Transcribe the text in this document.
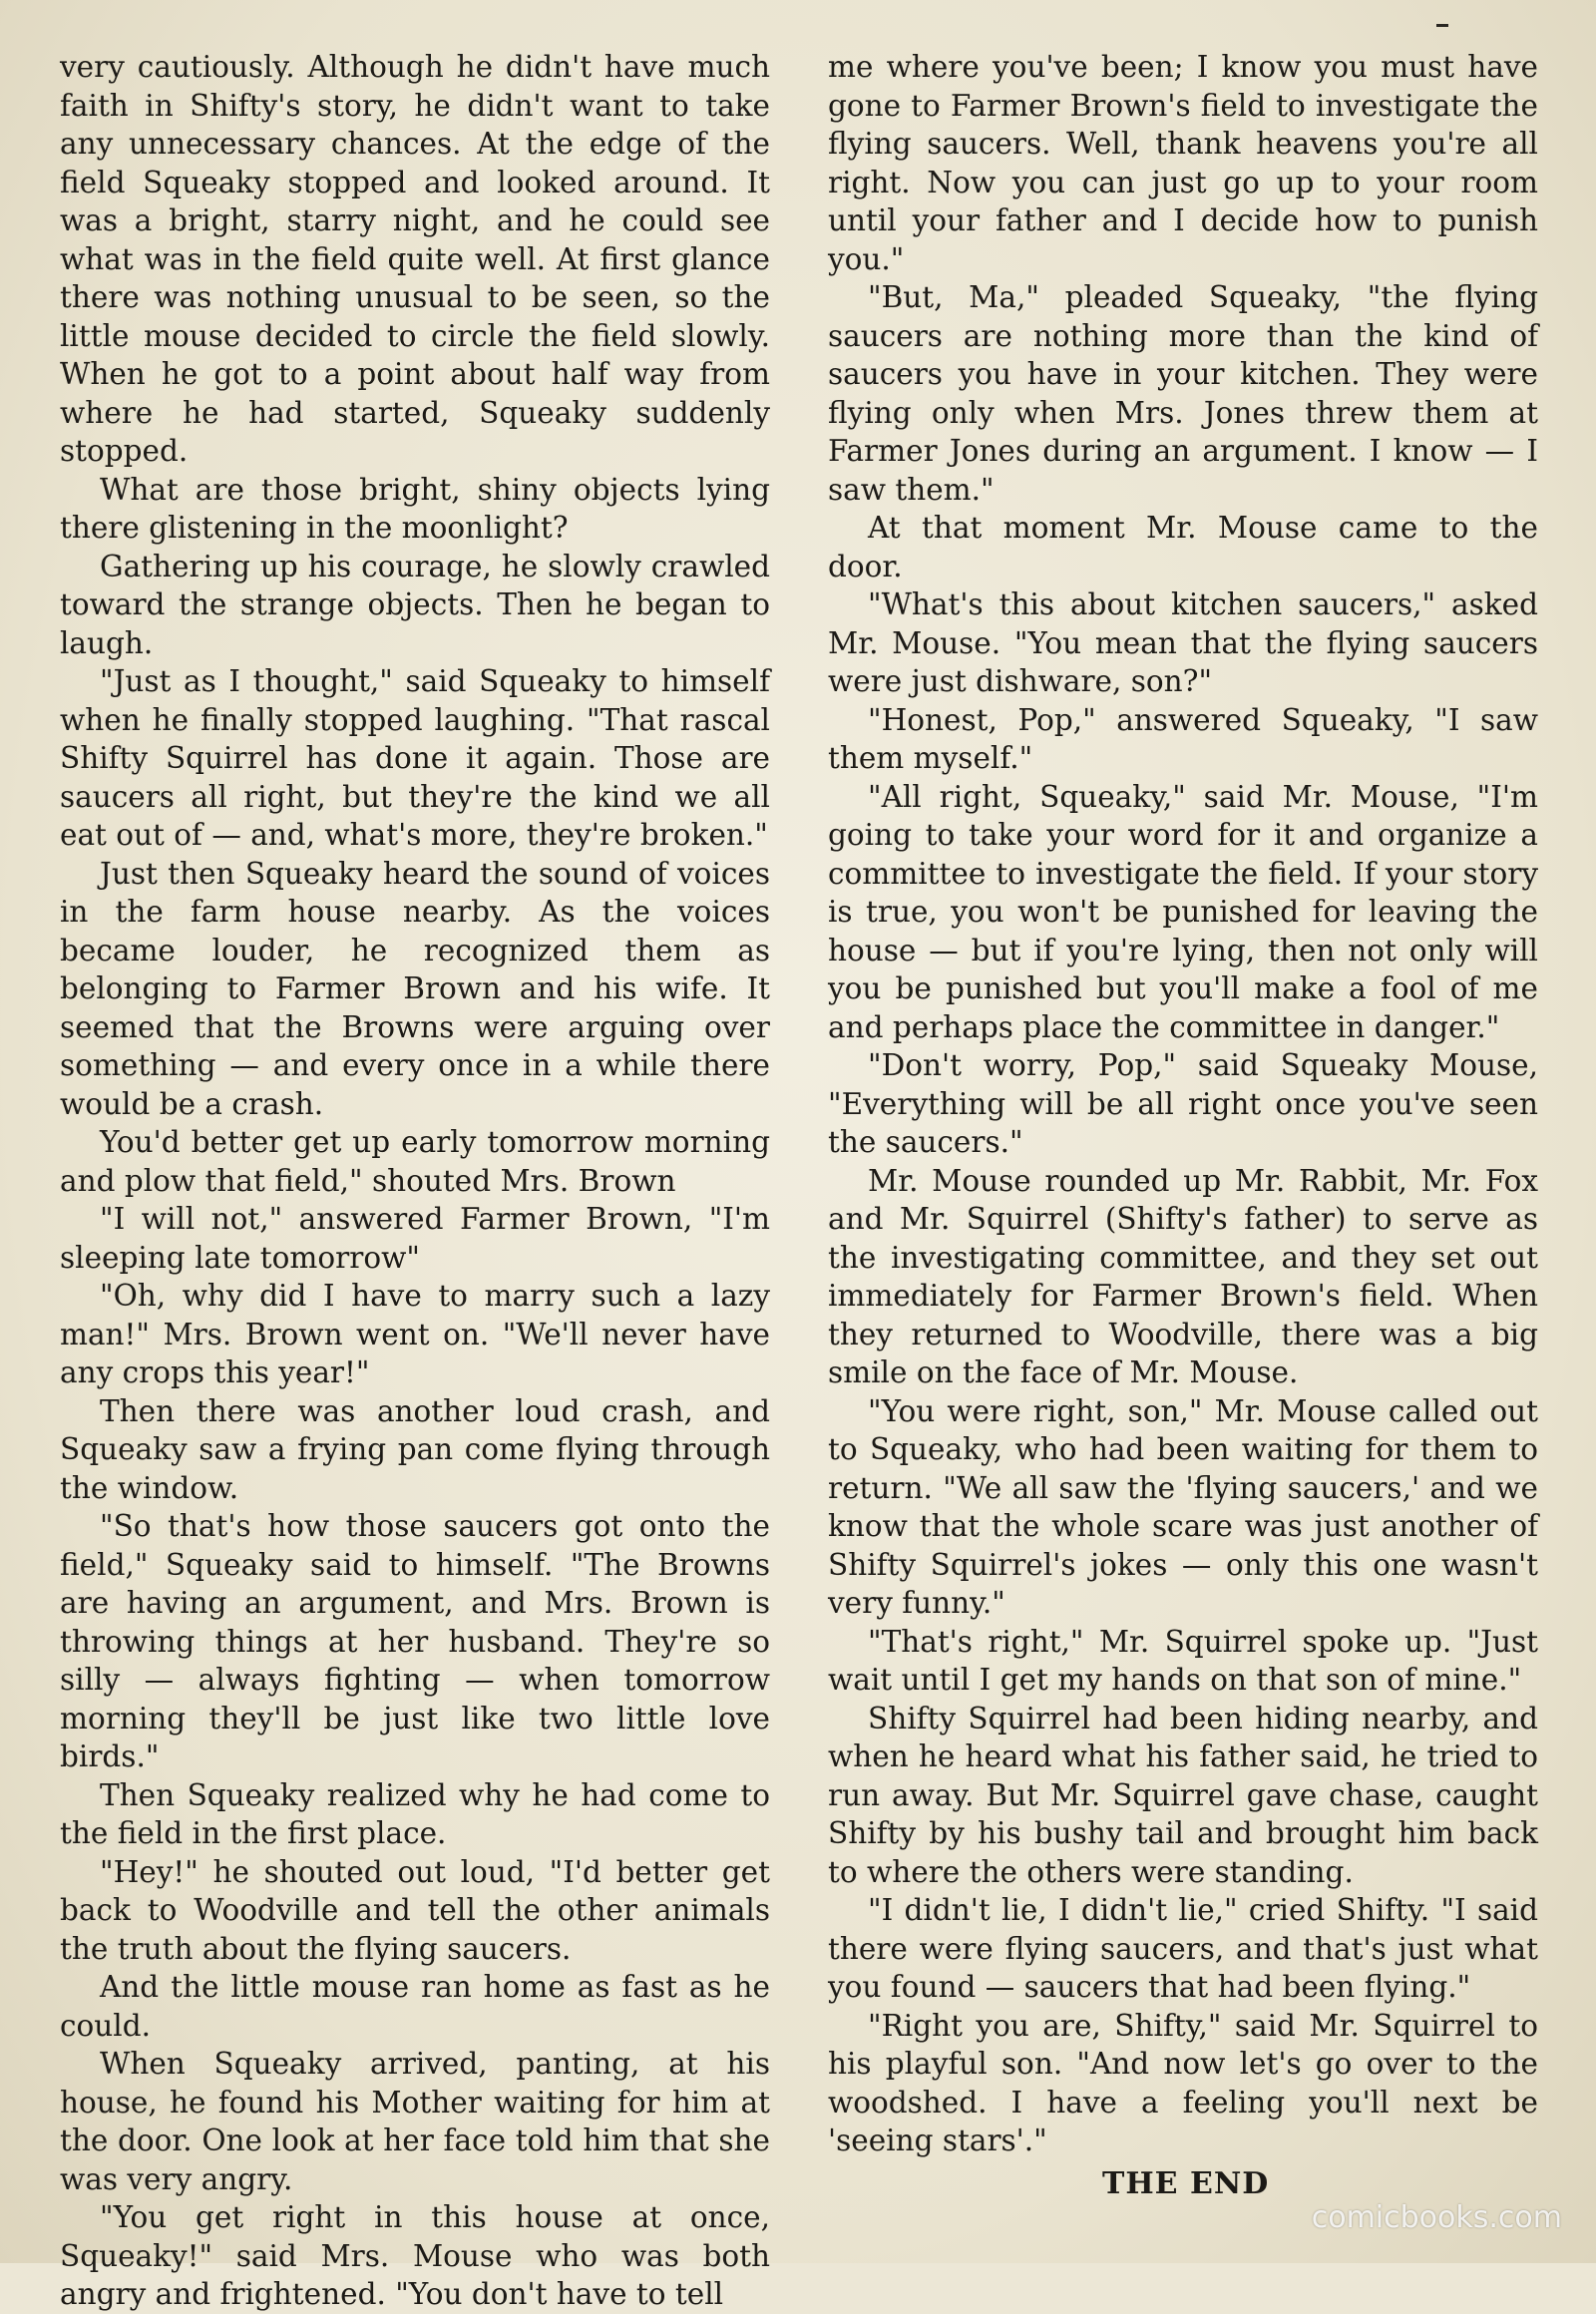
very cautiously. Although he didn't have much faith in Shifty's story, he didn't want to take any unnecessary chances. At the edge of the field Squeaky stopped and looked around. It was a bright, starry night, and he could see what was in the field quite well. At first glance there was nothing unusual to be seen, so the little mouse decided to circle the field slowly. When he got to a point about half way from where he had started, Squeaky suddenly stopped.

What are those bright, shiny objects lying there glistening in the moonlight?

Gathering up his courage, he slowly crawled toward the strange objects. Then he began to laugh.

"Just as I thought," said Squeaky to himself when he finally stopped laughing. "That rascal Shifty Squirrel has done it again. Those are saucers all right, but they're the kind we all eat out of — and, what's more, they're broken."

Just then Squeaky heard the sound of voices in the farm house nearby. As the voices became louder, he recognized them as belonging to Farmer Brown and his wife. It seemed that the Browns were arguing over something — and every once in a while there would be a crash.

You'd better get up early tomorrow morning and plow that field," shouted Mrs. Brown

"I will not," answered Farmer Brown, "I'm sleeping late tomorrow"

"Oh, why did I have to marry such a lazy man!" Mrs. Brown went on. "We'll never have any crops this year!"

Then there was another loud crash, and Squeaky saw a frying pan come flying through the window.

"So that's how those saucers got onto the field," Squeaky said to himself. "The Browns are having an argument, and Mrs. Brown is throwing things at her husband. They're so silly — always fighting — when tomorrow morning they'll be just like two little love birds."

Then Squeaky realized why he had come to the field in the first place.

"Hey!" he shouted out loud, "I'd better get back to Woodville and tell the other animals the truth about the flying saucers.

And the little mouse ran home as fast as he could.

When Squeaky arrived, panting, at his house, he found his Mother waiting for him at the door. One look at her face told him that she was very angry.

"You get right in this house at once, Squeaky!" said Mrs. Mouse who was both angry and frightened. "You don't have to tell

me where you've been; I know you must have gone to Farmer Brown's field to investigate the flying saucers. Well, thank heavens you're all right. Now you can just go up to your room until your father and I decide how to punish you."

"But, Ma," pleaded Squeaky, "the flying saucers are nothing more than the kind of saucers you have in your kitchen. They were flying only when Mrs. Jones threw them at Farmer Jones during an argument. I know — I saw them."

At that moment Mr. Mouse came to the door.

"What's this about kitchen saucers," asked Mr. Mouse. "You mean that the flying saucers were just dishware, son?"

"Honest, Pop," answered Squeaky, "I saw them myself."

"All right, Squeaky," said Mr. Mouse, "I'm going to take your word for it and organize a committee to investigate the field. If your story is true, you won't be punished for leaving the house — but if you're lying, then not only will you be punished but you'll make a fool of me and perhaps place the committee in danger."

"Don't worry, Pop," said Squeaky Mouse, "Everything will be all right once you've seen the saucers."

Mr. Mouse rounded up Mr. Rabbit, Mr. Fox and Mr. Squirrel (Shifty's father) to serve as the investigating committee, and they set out immediately for Farmer Brown's field. When they returned to Woodville, there was a big smile on the face of Mr. Mouse.

"You were right, son," Mr. Mouse called out to Squeaky, who had been waiting for them to return. "We all saw the 'flying saucers,' and we know that the whole scare was just another of Shifty Squirrel's jokes — only this one wasn't very funny."

"That's right," Mr. Squirrel spoke up. "Just wait until I get my hands on that son of mine."

Shifty Squirrel had been hiding nearby, and when he heard what his father said, he tried to run away. But Mr. Squirrel gave chase, caught Shifty by his bushy tail and brought him back to where the others were standing.

"I didn't lie, I didn't lie," cried Shifty. "I said there were flying saucers, and that's just what you found — saucers that had been flying."

"Right you are, Shifty," said Mr. Squirrel to his playful son. "And now let's go over to the woodshed. I have a feeling you'll next be 'seeing stars'."

THE END
comicbooks.com
